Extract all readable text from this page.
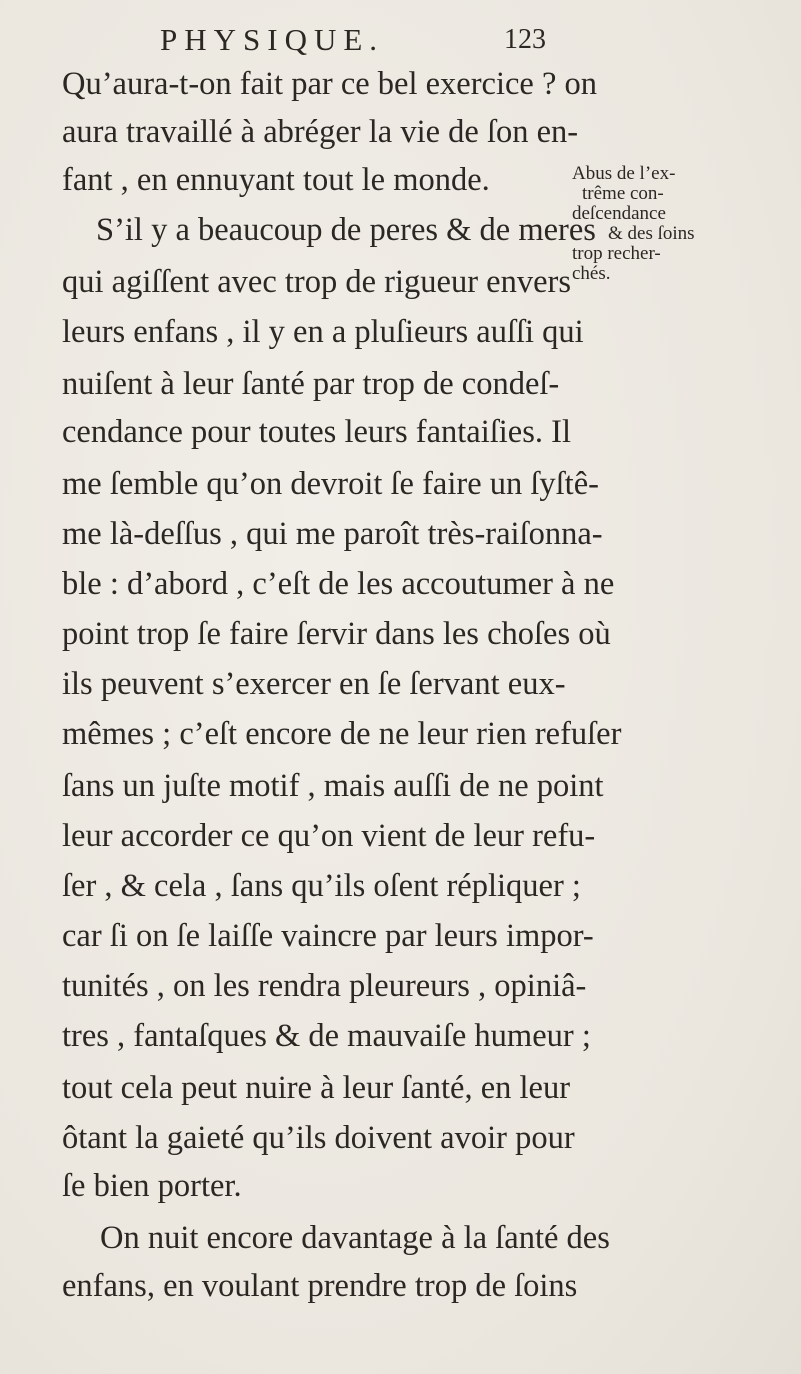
PHYSIQUE.	123
Qu’aura-t-on fait par ce bel exercice ? on
aura travaillé à abréger la vie de ſon en-
fant , en ennuyant tout le monde.
S’il y a beaucoup de peres & de meres
qui agiſſent avec trop de rigueur envers
leurs enfans , il y en a pluſieurs auſſi qui
nuiſent à leur ſanté par trop de condeſ-
cendance pour toutes leurs fantaiſies. Il
me ſemble qu’on devroit ſe faire un ſyſtê-
me là-deſſus , qui me paroît très-raiſonna-
ble : d’abord , c’eſt de les accoutumer à ne
point trop ſe faire ſervir dans les choſes où
ils peuvent s’exercer en ſe ſervant eux-
mêmes ; c’eſt encore de ne leur rien refuſer
ſans un juſte motif , mais auſſi de ne point
leur accorder ce qu’on vient de leur refu-
ſer , & cela , ſans qu’ils oſent répliquer ;
car ſi on ſe laiſſe vaincre par leurs impor-
tunités , on les rendra pleureurs , opiniâ-
tres , fantaſques & de mauvaiſe humeur ;
tout cela peut nuire à leur ſanté, en leur
ôtant la gaieté qu’ils doivent avoir pour
ſe bien porter.
On nuit encore davantage à la ſanté des
enfans, en voulant prendre trop de ſoins
Abus de l’ex-
trême con-
deſcendance
& des ſoins
trop recher-
chés.
